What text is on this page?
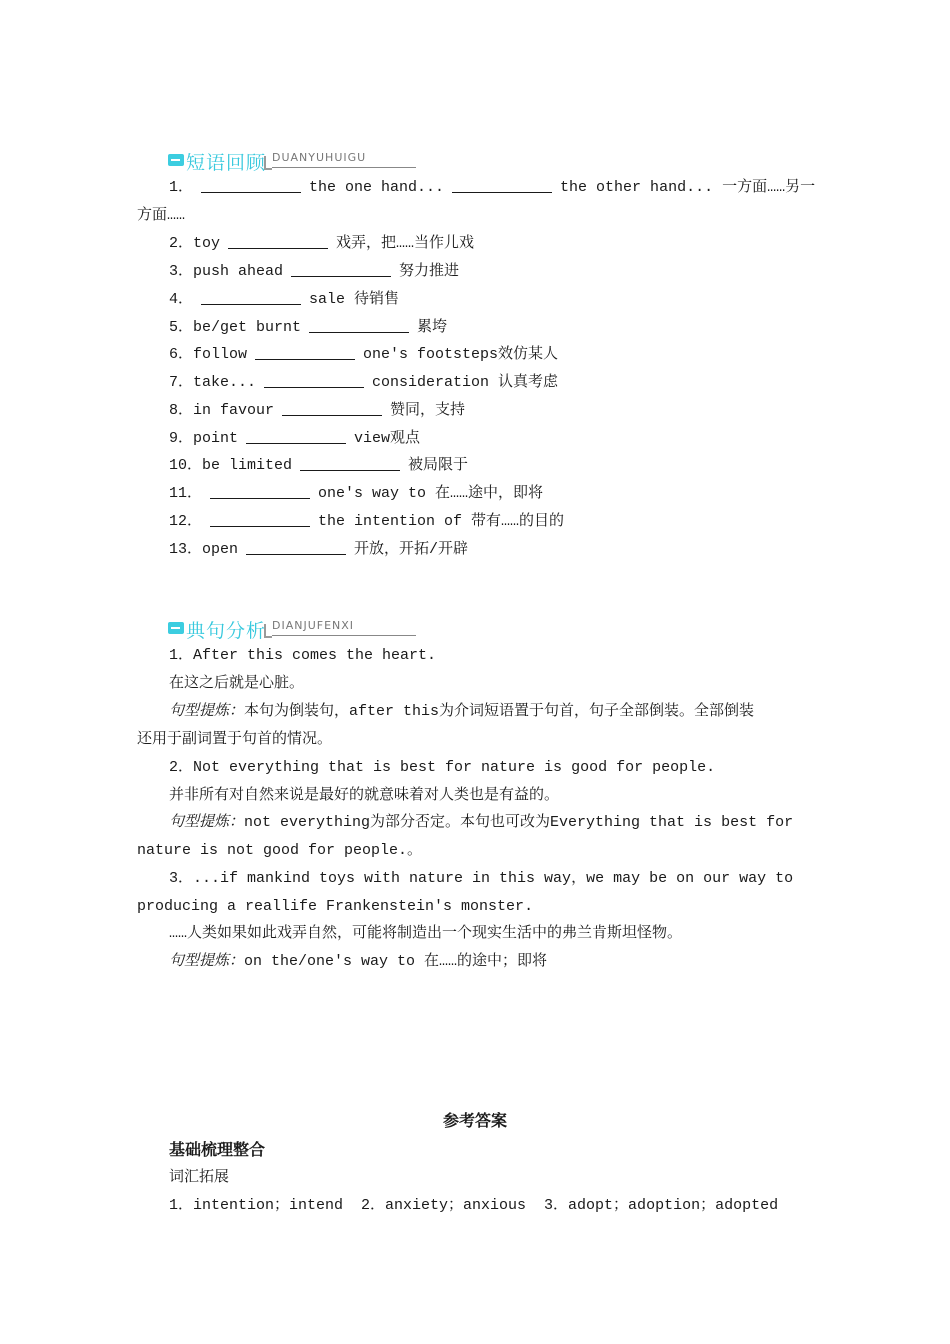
短语回顾 DUANYUHUIGU
1．	the one hand...	the other hand... 一方面……另一
方面……
2．toy	戏弄，把……当作儿戏
3．push ahead	努力推进
4．	sale 待销售
5．be/get burnt	累垮
6．follow	one's footsteps效仿某人
7．take...	consideration 认真考虑
8．in favour	赞同，支持
9．point	view观点
10．be limited	被局限于
11．	one's way to 在……途中，即将
12．	the intention of 带有……的目的
13．open	开放，开拓/开辟
典句分析 DIANJUFENXI
1．After this comes the heart.
在这之后就是心脏。
句型提炼：本句为倒装句，after this为介词短语置于句首，句子全部倒装。全部倒装
还用于副词置于句首的情况。
2．Not everything that is best for nature is good for people.
并非所有对自然来说是最好的就意味着对人类也是有益的。
句型提炼：not everything为部分否定。本句也可改为Everything that is best for
nature is not good for people.。
3．...if mankind toys with nature in this way，we may be on our way to
producing a reallife Frankenstein's monster.
……人类如果如此戏弄自然，可能将制造出一个现实生活中的弗兰肯斯坦怪物。
句型提炼：on the/one's way to 在……的途中；即将
参考答案
基础梳理整合
词汇拓展
1．intention；intend  2．anxiety；anxious  3．adopt；adoption；adopted
